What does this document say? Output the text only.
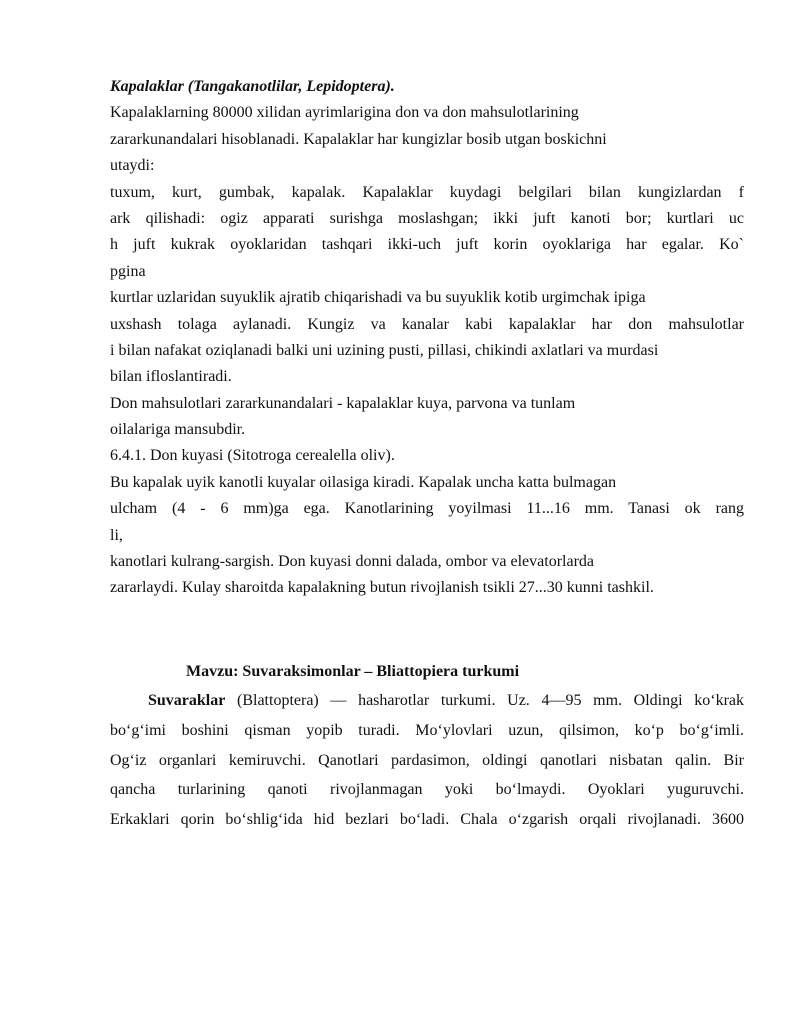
Kapalaklar (Tangakanotlilar, Lepidoptera).
Kapalaklarning 80000 xilidan ayrimlarigina don va don mahsulotlarining
zararkunandalari hisoblanadi. Kapalaklar har kungizlar bosib utgan boskichni
utaydi:
tuxum, kurt, gumbak, kapalak. Kapalaklar kuydagi belgilari bilan kungizlardan f
ark qilishadi: ogiz apparati surishga moslashgan; ikki juft kanoti bor; kurtlari uc
h juft kukrak oyoklaridan tashqari ikki-uch juft korin oyoklariga har egalar. Ko`
pgina
kurtlar uzlaridan suyuklik ajratib chiqarishadi va bu suyuklik kotib urgimchak ipiga
uxshash tolaga aylanadi. Kungiz va kanalar kabi kapalaklar har don mahsulotlar
i bilan nafakat oziqlanadi balki uni uzining pusti, pillasi, chikindi axlatlari va murdasi
bilan ifloslantiradi.
Don mahsulotlari zararkunandalari - kapalaklar kuya, parvona va tunlam
oilalariga mansubdir.
6.4.1. Don kuyasi (Sitotroga cerealella oliv).
Bu kapalak uyik kanotli kuyalar oilasiga kiradi. Kapalak uncha katta bulmagan
ulcham (4 - 6 mm)ga ega. Kanotlarining yoyilmasi 11...16 mm. Tanasi ok rang
li,
kanotlari kulrang-sargish. Don kuyasi donni dalada, ombor va elevatorlarda
zararlaydi. Kulay sharoitda kapalakning butun rivojlanish tsikli 27...30 kunni tashkil.
Mavzu: Suvaraksimonlar – Bliattopiera turkumi
Suvaraklar (Blattoptera) — hasharotlar turkumi. Uz. 4—95 mm. Oldingi ko‘krak
bo‘g‘imi boshini qisman yopib turadi. Mo‘ylovlari uzun, qilsimon, ko‘p bo‘g‘imli.
Og‘iz organlari kemiruvchi. Qanotlari pardasimon, oldingi qanotlari nisbatan qalin. Bir
qancha turlarining qanoti rivojlanmagan yoki bo‘lmaydi. Oyoklari yuguruvchi.
Erkaklari qorin bo‘shlig‘ida hid bezlari bo‘ladi. Chala o‘zgarish orqali rivojlanadi. 3600
